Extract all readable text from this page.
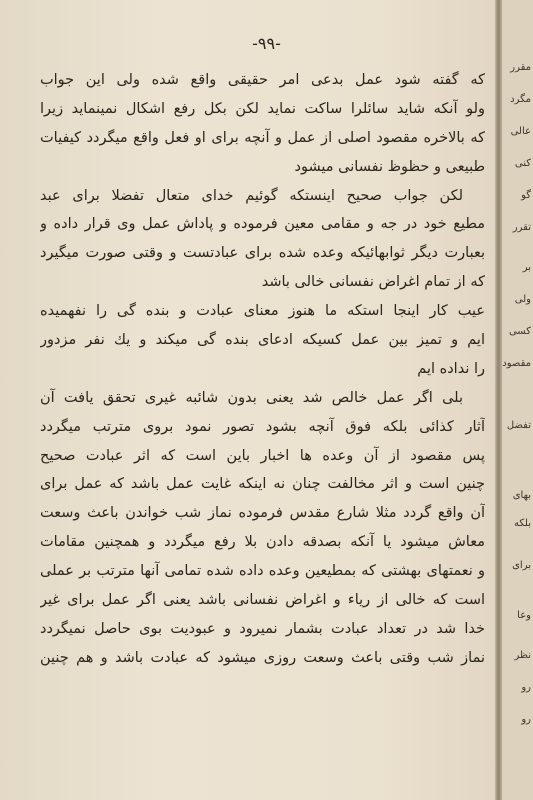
-۹۹-
که گفته شود عمل بدعی امر حقیقی واقع شده ولی این جواب
ولو آنکه شاید سائلرا ساکت نماید لکن بکل رفع اشکال نمینماید زیرا
که بالاخره مقصود اصلی از عمل و آنچه برای او فعل واقع میگردد کیفیات
طبیعی و حظوظ نفسانی میشود
لکن جواب صحیح اینستکه گوئیم خدای متعال تفضلا برای عبد
مطیع خود در جه و مقامی معین فرموده و پاداش عمل وی قرار داده و
بعبارت دیگر ثوابهائیکه وعده شده برای عبادتست و وقتی صورت میگیرد
که از تمام اغراض نفسانی خالی باشد
عیب کار اینجا استکه ما هنوز معنای عبادت و بنده گی را نفهمیده
ایم و تمیز بین عمل کسیکه ادعای بنده گی میکند و یك نفر مزدور
را نداده ایم
بلی اگر عمل خالص شد یعنی بدون شائبه غیری تحقق یافت آن
آثار کذائی بلکه فوق آنچه بشود تصور نمود بروی مترتب میگردد
پس مقصود از آن وعده ها اخبار باین است که اثر عبادت صحیح
چنین است و اثر مخالفت چنان نه اینکه غایت عمل باشد که عمل برای
آن واقع گردد مثلا شارع مقدس فرموده نماز شب خواندن باعث وسعت
معاش میشود یا آنکه بصدقه دادن بلا رفع میگردد و همچنین مقامات
و نعمتهای بهشتی که بمطیعین وعده داده شده تمامی آنها مترتب بر عملی
است که خالی از ریاء و اغراض نفسانی باشد یعنی اگر عمل برای غیر
خدا شد در تعداد عبادت بشمار نمیرود و عبودیت بوی حاصل نمیگردد
نماز شب وقتی باعث وسعت روزی میشود که عبادت باشد و هم چنین
مقرر
مگرد
عالی
کنی
گو
تقرر
بر
ولی
کسی
مقصود
تفضل
بهای
بلکه
برای
وعا
نظر
رو
رو
